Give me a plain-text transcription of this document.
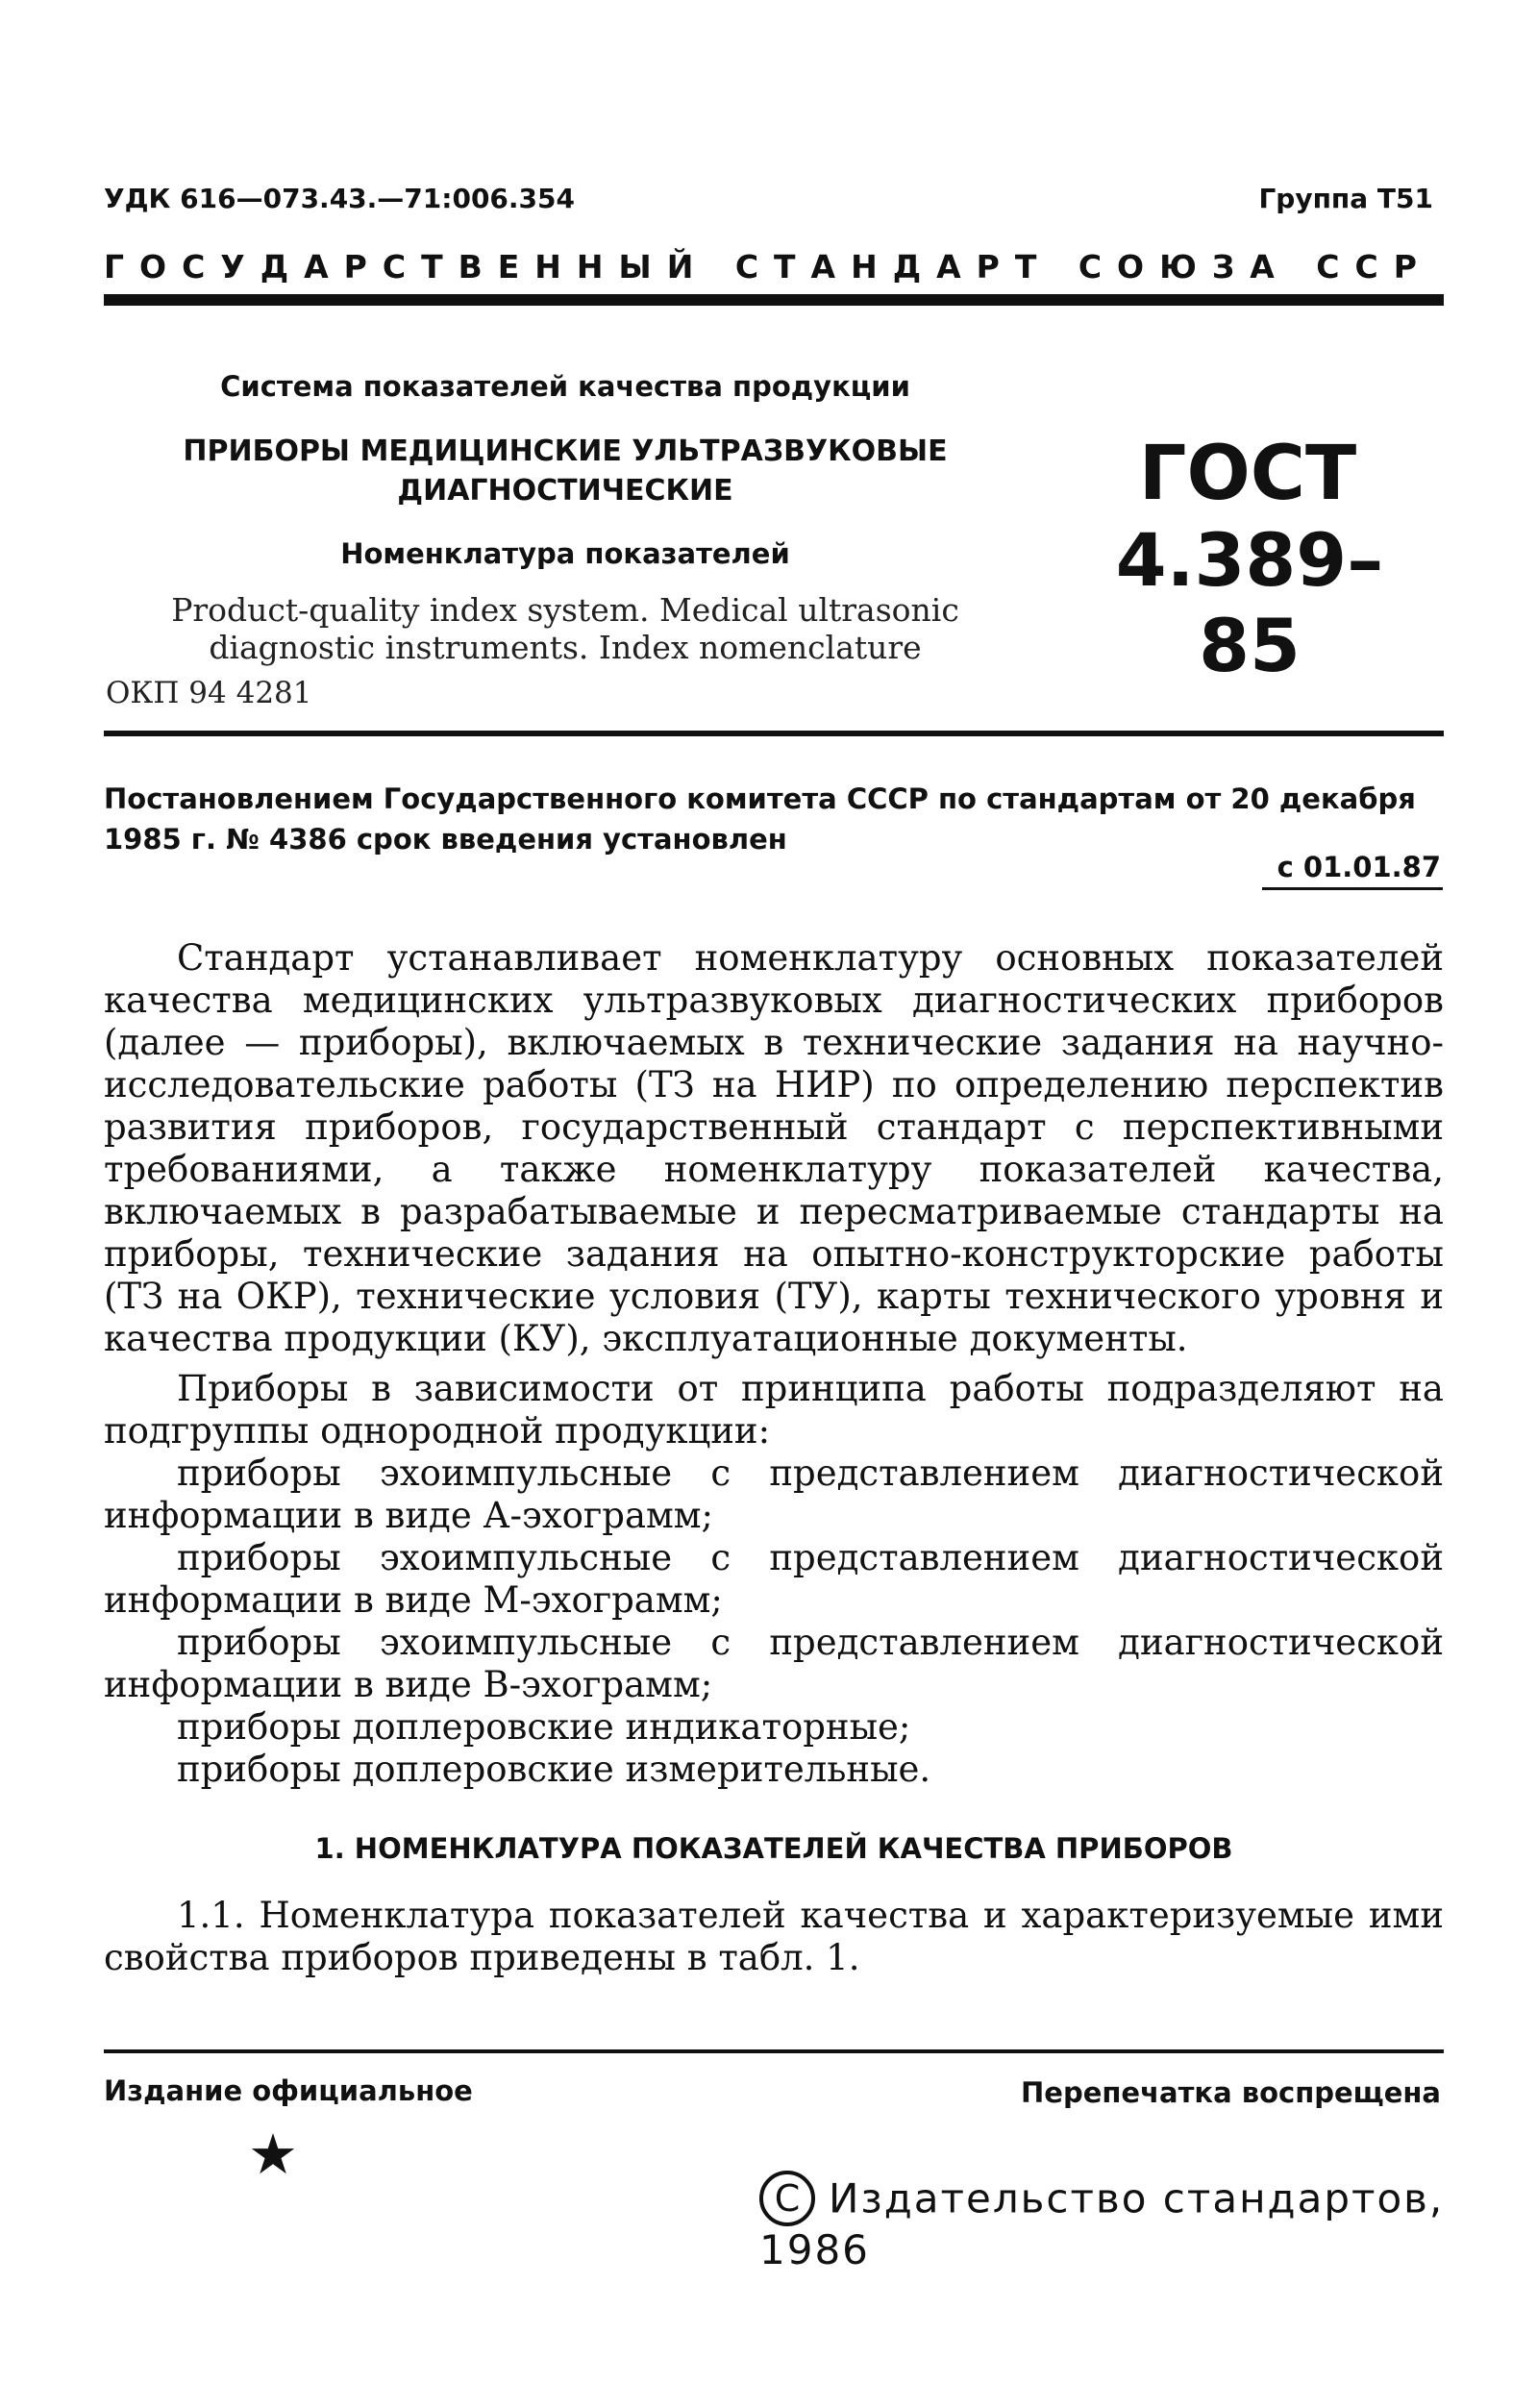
УДК 616—073.43.—71:006.354	Группа Т51
ГОСУДАРСТВЕННЫЙ СТАНДАРТ СОЮЗА ССР
Система показателей качества продукции
ПРИБОРЫ МЕДИЦИНСКИЕ УЛЬТРАЗВУКОВЫЕ ДИАГНОСТИЧЕСКИЕ
Номенклатура показателей
Product-quality index system. Medical ultrasonic diagnostic instruments. Index nomenclature
ГОСТ
4.389–85
ОКП 94 4281
Постановлением Государственного комитета СССР по стандартам от 20 декабря 1985 г. № 4386 срок введения установлен
с 01.01.87

Стандарт устанавливает номенклатуру основных показателей качества медицинских ультразвуковых диагностических приборов (далее — приборы), включаемых в технические задания на научно-исследовательские работы (ТЗ на НИР) по определению перспектив развития приборов, государственный стандарт с перспективными требованиями, а также номенклатуру показателей качества, включаемых в разрабатываемые и пересматриваемые стандарты на приборы, технические задания на опытно-конструкторские работы (ТЗ на ОКР), технические условия (ТУ), карты технического уровня и качества продукции (КУ), эксплуатационные документы.

Приборы в зависимости от принципа работы подразделяют на подгруппы однородной продукции:

приборы эхоимпульсные с представлением диагностической информации в виде А-эхограмм;

приборы эхоимпульсные с представлением диагностической информации в виде М-эхограмм;

приборы эхоимпульсные с представлением диагностической информации в виде В-эхограмм;

приборы доплеровские индикаторные;

приборы доплеровские измерительные.

1. НОМЕНКЛАТУРА ПОКАЗАТЕЛЕЙ КАЧЕСТВА ПРИБОРОВ

1.1. Номенклатура показателей качества и характеризуемые ими свойства приборов приведены в табл. 1.

Издание официальное	Перепечатка воспрещена
★
C Издательство стандартов, 1986
